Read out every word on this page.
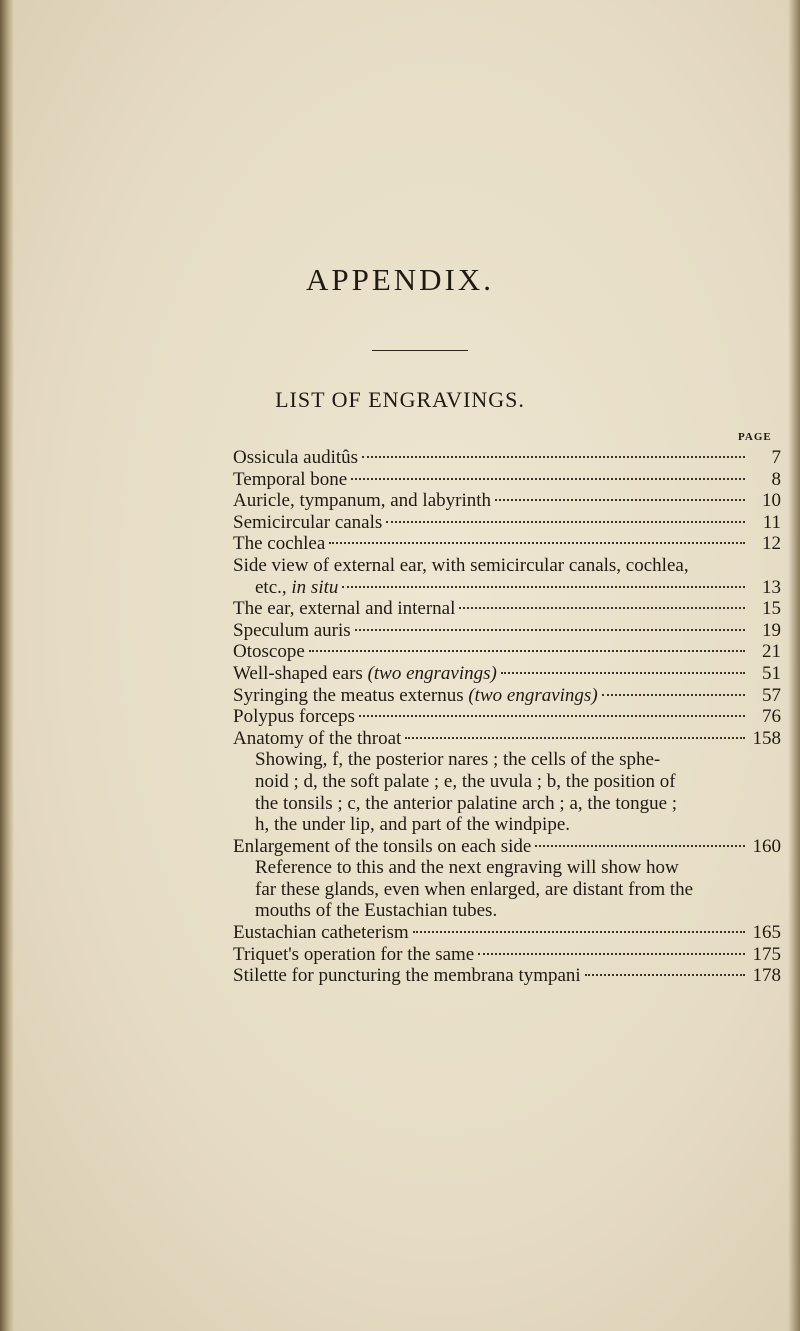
APPENDIX.
LIST OF ENGRAVINGS.
PAGE
Ossicula auditûs	7
Temporal bone	8
Auricle, tympanum, and labyrinth	10
Semicircular canals	11
The cochlea	12
Side view of external ear, with semicircular canals, cochlea,
etc., in situ	13
The ear, external and internal	15
Speculum auris	19
Otoscope	21
Well-shaped ears (two engravings)	51
Syringing the meatus externus (two engravings)	57
Polypus forceps	76
Anatomy of the throat	158
Showing, f, the posterior nares ; the cells of the sphe-
noid ; d, the soft palate ; e, the uvula ; b, the position of
the tonsils ; c, the anterior palatine arch ; a, the tongue ;
h, the under lip, and part of the windpipe.
Enlargement of the tonsils on each side	160
Reference to this and the next engraving will show how
far these glands, even when enlarged, are distant from the
mouths of the Eustachian tubes.
Eustachian catheterism	165
Triquet's operation for the same	175
Stilette for puncturing the membrana tympani	178
